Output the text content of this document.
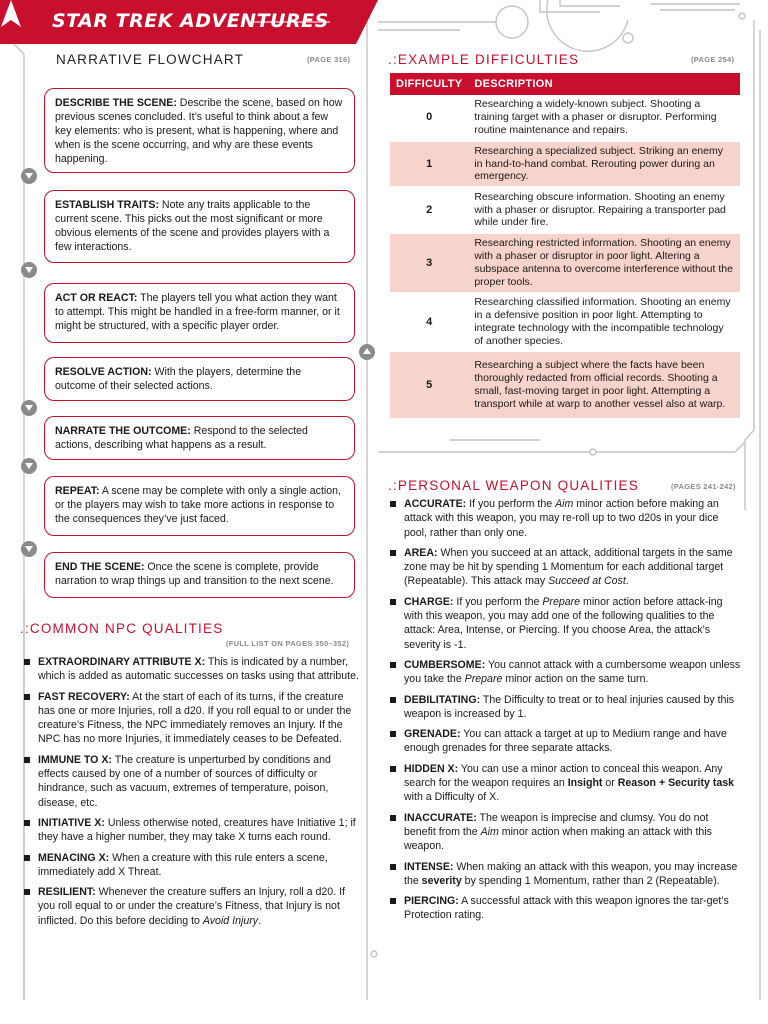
STAR TREK ADVENTURES
NARRATIVE FLOWCHART	(PAGE 316)
DESCRIBE THE SCENE: Describe the scene, based on how previous scenes concluded. It’s useful to think about a few key elements: who is present, what is happening, where and when is the scene occurring, and why are these events happening.
ESTABLISH TRAITS: Note any traits applicable to the current scene. This picks out the most significant or more obvious elements of the scene and provides players with a few interactions.
ACT OR REACT: The players tell you what action they want to attempt. This might be handled in a free-form manner, or it might be structured, with a specific player order.
RESOLVE ACTION: With the players, determine the outcome of their selected actions.
NARRATE THE OUTCOME: Respond to the selected actions, describing what happens as a result.
REPEAT: A scene may be complete with only a single action, or the players may wish to take more actions in response to the consequences they’ve just faced.
END THE SCENE: Once the scene is complete, provide narration to wrap things up and transition to the next scene.
.:COMMON NPC QUALITIES
(FULL LIST ON PAGES 350–352)
EXTRAORDINARY ATTRIBUTE X: This is indicated by a number, which is added as automatic successes on tasks using that attribute.
FAST RECOVERY: At the start of each of its turns, if the creature has one or more Injuries, roll a d20. If you roll equal to or under the creature’s Fitness, the NPC immediately removes an Injury. If the NPC has no more Injuries, it immediately ceases to be Defeated.
IMMUNE TO X: The creature is unperturbed by conditions and effects caused by one of a number of sources of difficulty or hindrance, such as vacuum, extremes of temperature, poison, disease, etc.
INITIATIVE X: Unless otherwise noted, creatures have Initiative 1; if they have a higher number, they may take X turns each round.
MENACING X: When a creature with this rule enters a scene, immediately add X Threat.
RESILIENT: Whenever the creature suffers an Injury, roll a d20. If you roll equal to or under the creature’s Fitness, that Injury is not inflicted. Do this before deciding to Avoid Injury.
.:EXAMPLE DIFFICULTIES	(PAGE 254)
DIFFICULTY	DESCRIPTION
0	Researching a widely-known subject. Shooting a training target with a phaser or disruptor. Performing routine maintenance and repairs.
1	Researching a specialized subject. Striking an enemy in hand-to-hand combat. Rerouting power during an emergency.
2	Researching obscure information. Shooting an enemy with a phaser or disruptor. Repairing a transporter pad while under fire.
3	Researching restricted information. Shooting an enemy with a phaser or disruptor in poor light. Altering a subspace antenna to overcome interference without the proper tools.
4	Researching classified information. Shooting an enemy in a defensive position in poor light. Attempting to integrate technology with the incompatible technology of another species.
5	Researching a subject where the facts have been thoroughly redacted from official records. Shooting a small, fast-moving target in poor light. Attempting a transport while at warp to another vessel also at warp.
.:PERSONAL WEAPON QUALITIES	(PAGES 241-242)
ACCURATE: If you perform the Aim minor action before making an attack with this weapon, you may re-roll up to two d20s in your dice pool, rather than only one.
AREA: When you succeed at an attack, additional targets in the same zone may be hit by spending 1 Momentum for each additional target (Repeatable). This attack may Succeed at Cost.
CHARGE: If you perform the Prepare minor action before attack-ing with this weapon, you may add one of the following qualities to the attack: Area, Intense, or Piercing. If you choose Area, the attack’s severity is -1.
CUMBERSOME: You cannot attack with a cumbersome weapon unless you take the Prepare minor action on the same turn.
DEBILITATING: The Difficulty to treat or to heal injuries caused by this weapon is increased by 1.
GRENADE: You can attack a target at up to Medium range and have enough grenades for three separate attacks.
HIDDEN X: You can use a minor action to conceal this weapon. Any search for the weapon requires an Insight or Reason + Security task with a Difficulty of X.
INACCURATE: The weapon is imprecise and clumsy. You do not benefit from the Aim minor action when making an attack with this weapon.
INTENSE: When making an attack with this weapon, you may increase the severity by spending 1 Momentum, rather than 2 (Repeatable).
PIERCING: A successful attack with this weapon ignores the tar-get’s Protection rating.
